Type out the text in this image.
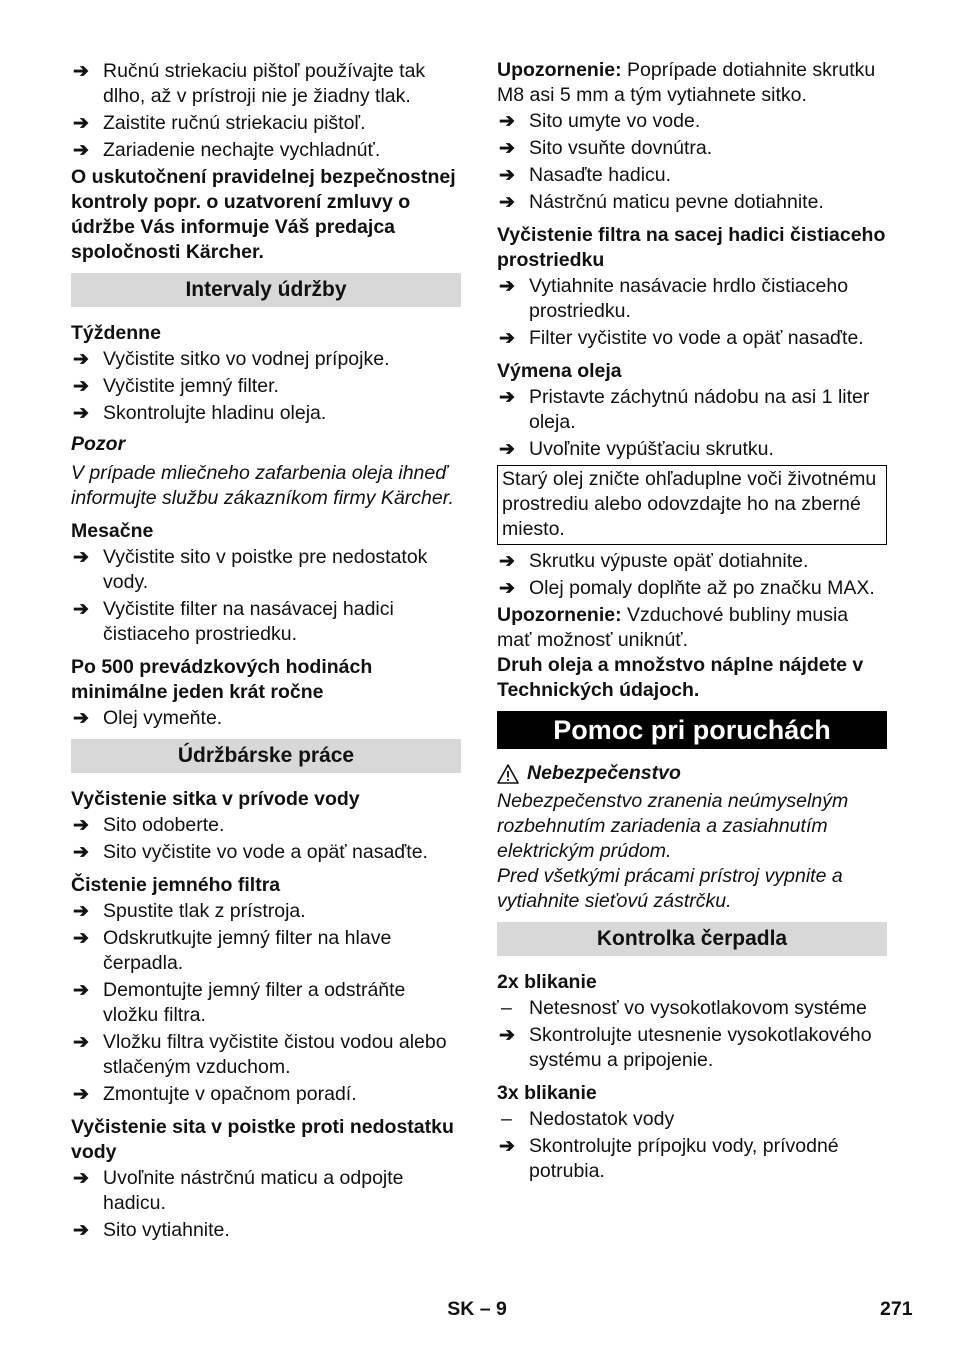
➔ Ručnú striekaciu pištoľ používajte tak dlho, až v prístroji nie je žiadny tlak.
➔ Zaistite ručnú striekaciu pištoľ.
➔ Zariadenie nechajte vychladnúť.

O uskutočnení pravidelnej bezpečnostnej kontroly popr. o uzatvorení zmluvy o údržbe Vás informuje Váš predajca spoločnosti Kärcher.

Intervaly údržby
Týždenne
➔ Vyčistite sitko vo vodnej prípojke.
➔ Vyčistite jemný filter.
➔ Skontrolujte hladinu oleja.
Pozor

V prípade mliečneho zafarbenia oleja ihneď informujte službu zákazníkom firmy Kärcher.

Mesačne
➔ Vyčistite sito v poistke pre nedostatok vody.
➔ Vyčistite filter na nasávacej hadici čistiaceho prostriedku.
Po 500 prevádzkových hodinách minimálne jeden krát ročne
➔ Olej vymeňte.
Údržbárske práce
Vyčistenie sitka v prívode vody
➔ Sito odoberte.
➔ Sito vyčistite vo vode a opäť nasaďte.
Čistenie jemného filtra
➔ Spustite tlak z prístroja.
➔ Odskrutkujte jemný filter na hlave čerpadla.
➔ Demontujte jemný filter a odstráňte vložku filtra.
➔ Vložku filtra vyčistite čistou vodou alebo stlačeným vzduchom.
➔ Zmontujte v opačnom poradí.
Vyčistenie sita v poistke proti nedostatku vody
➔ Uvoľnite nástrčnú maticu a odpojte hadicu.
➔ Sito vytiahnite.

Upozornenie: Poprípade dotiahnite skrutku M8 asi 5 mm a tým vytiahnete sitko.

➔ Sito umyte vo vode.
➔ Sito vsuňte dovnútra.
➔ Nasaďte hadicu.
➔ Nástrčnú maticu pevne dotiahnite.
Vyčistenie filtra na sacej hadici čistiaceho prostriedku
➔ Vytiahnite nasávacie hrdlo čistiaceho prostriedku.
➔ Filter vyčistite vo vode a opäť nasaďte.
Výmena oleja
➔ Pristavte záchytnú nádobu na asi 1 liter oleja.
➔ Uvoľnite vypúšťaciu skrutku.
Starý olej zničte ohľaduplne voči životnému prostrediu alebo odovzdajte ho na zberné miesto.
➔ Skrutku výpuste opäť dotiahnite.
➔ Olej pomaly doplňte až po značku MAX.

Upozornenie: Vzduchové bubliny musia mať možnosť uniknúť.

Druh oleja a množstvo náplne nájdete v Technických údajoch.

Pomoc pri poruchách
Nebezpečenstvo

Nebezpečenstvo zranenia neúmyselným rozbehnutím zariadenia a zasiahnutím elektrickým prúdom.

Pred všetkými prácami prístroj vypnite a vytiahnite sieťovú zástrčku.

Kontrolka čerpadla
2x blikanie
– Netesnosť vo vysokotlakovom systéme
➔ Skontrolujte utesnenie vysokotlakového systému a pripojenie.
3x blikanie
– Nedostatok vody
➔ Skontrolujte prípojku vody, prívodné potrubia.
SK – 9	271
